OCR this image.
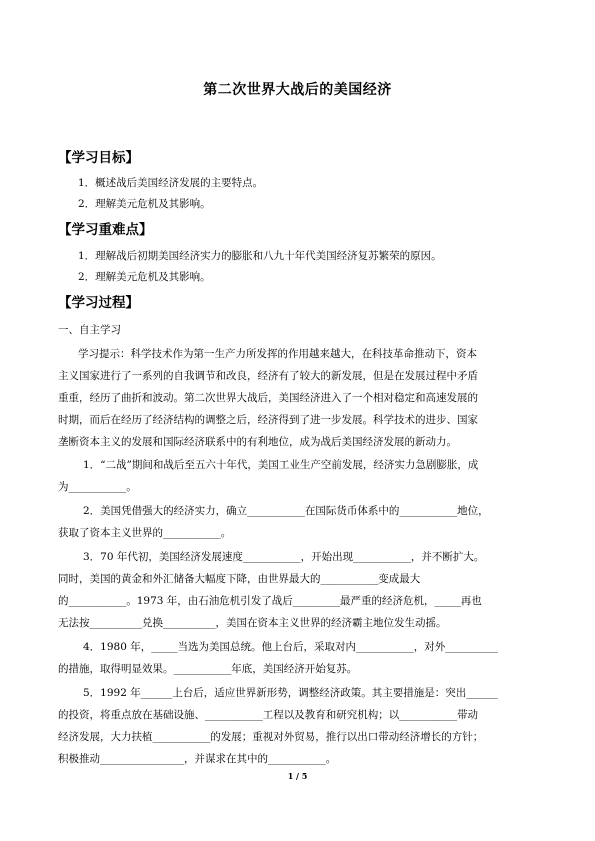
第二次世界大战后的美国经济
【学习目标】
1．概述战后美国经济发展的主要特点。
2．理解美元危机及其影响。
【学习重难点】
1．理解战后初期美国经济实力的膨胀和八九十年代美国经济复苏繁荣的原因。
2．理解美元危机及其影响。
【学习过程】
一、自主学习
学习提示：科学技术作为第一生产力所发挥的作用越来越大，在科技革命推动下，资本
主义国家进行了一系列的自我调节和改良，经济有了较大的新发展，但是在发展过程中矛盾
重重，经历了曲折和波动。第二次世界大战后，美国经济进入了一个相对稳定和高速发展的
时期，而后在经历了经济结构的调整之后，经济得到了进一步发展。科学技术的进步、国家
垄断资本主义的发展和国际经济联系中的有利地位，成为战后美国经济发展的新动力。
1．“二战”期间和战后至五六十年代，美国工业生产空前发展，经济实力急剧膨胀，成
为___________。
2．美国凭借强大的经济实力，确立___________在国际货币体系中的___________地位，
获取了资本主义世界的___________。
3．70 年代初，美国经济发展速度___________，开始出现___________，并不断扩大。
同时，美国的黄金和外汇储备大幅度下降，由世界最大的___________变成最大
的___________。1973 年，由石油危机引发了战后_________最严重的经济危机，_____再也
无法按__________兑换__________，美国在资本主义世界的经济霸主地位发生动摇。
4．1980 年，_____当选为美国总统。他上台后，采取对内___________，对外__________
的措施，取得明显效果。___________年底，美国经济开始复苏。
5．1992 年______上台后，适应世界新形势，调整经济政策。其主要措施是：突出______
的投资，将重点放在基础设施、___________工程以及教育和研究机构；以___________带动
经济发展，大力扶植___________的发展；重视对外贸易，推行以出口带动经济增长的方针；
积极推动________________，并谋求在其中的___________。
1 / 5
